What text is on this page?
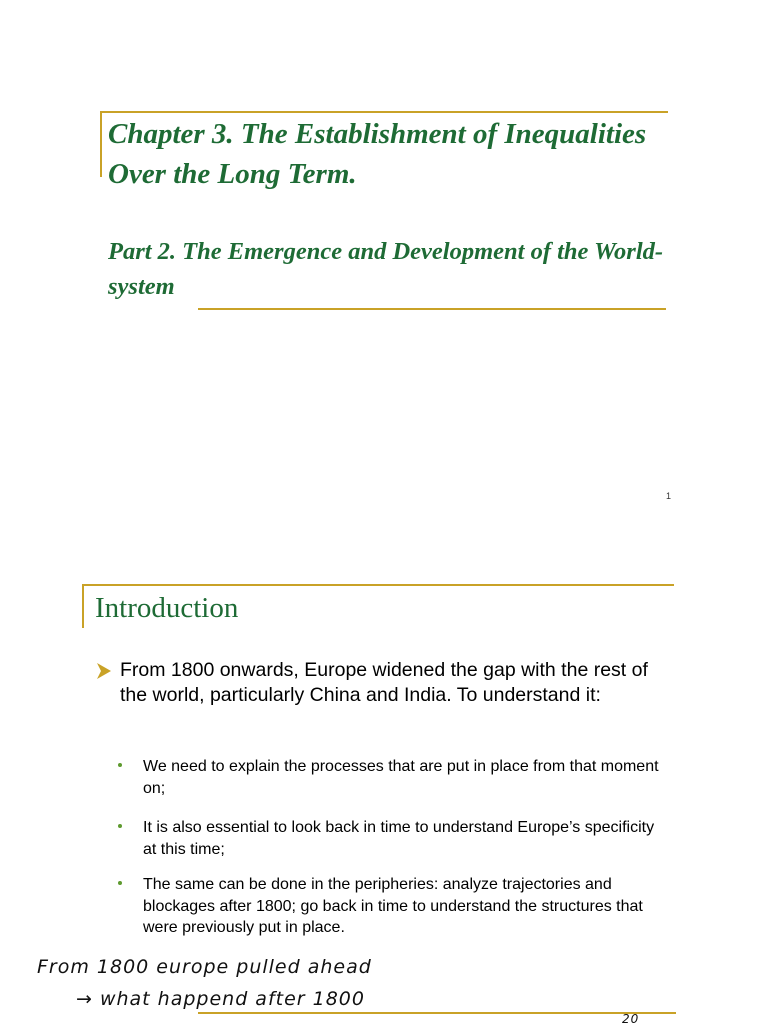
Chapter 3. The Establishment of Inequalities Over the Long Term.
Part 2. The Emergence and Development of the World-system
1
Introduction
From 1800 onwards, Europe widened the gap with the rest of the world, particularly China and India. To understand it:
We need to explain the processes that are put in place from that moment on;
It is also essential to look back in time to understand Europe’s specificity at this time;
The same can be done in the peripheries: analyze trajectories and blockages after 1800; go back in time to understand the structures that were previously put in place.
From 1800 europe pulled ahead
→ what happend after 1800
20
